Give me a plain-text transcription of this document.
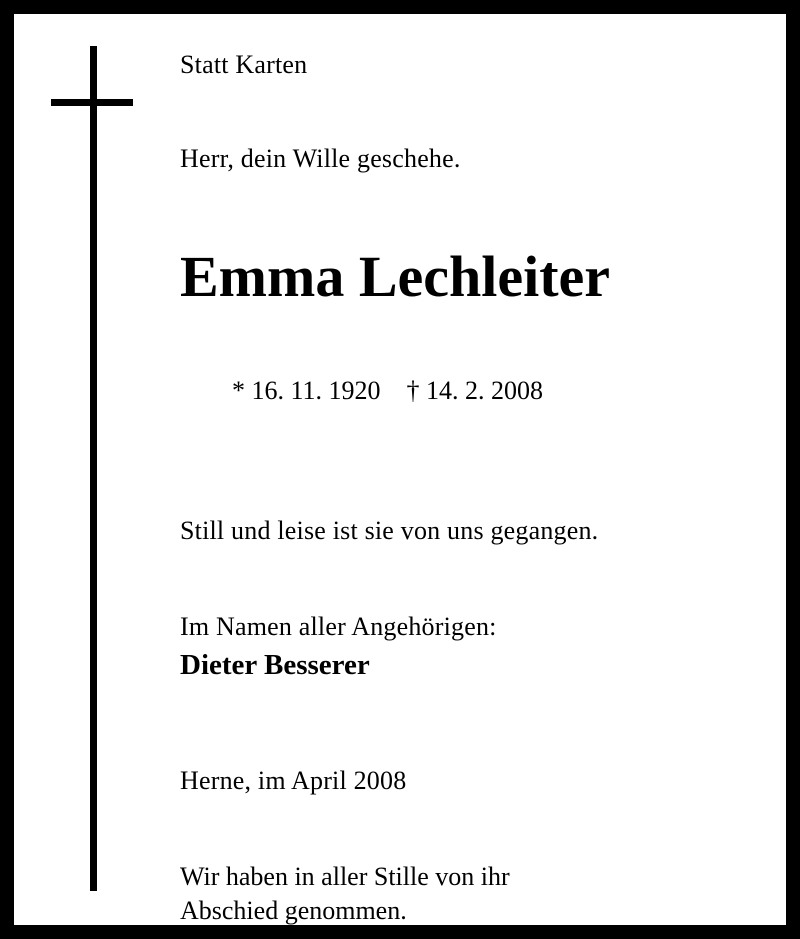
Statt Karten
Herr, dein Wille geschehe.
Emma Lechleiter

* 16. 11. 1920 † 14. 2. 2008

Still und leise ist sie von uns gegangen.
Im Namen aller Angehörigen:
Dieter Besserer
Herne, im April 2008
Wir haben in aller Stille von ihr
Abschied genommen.
